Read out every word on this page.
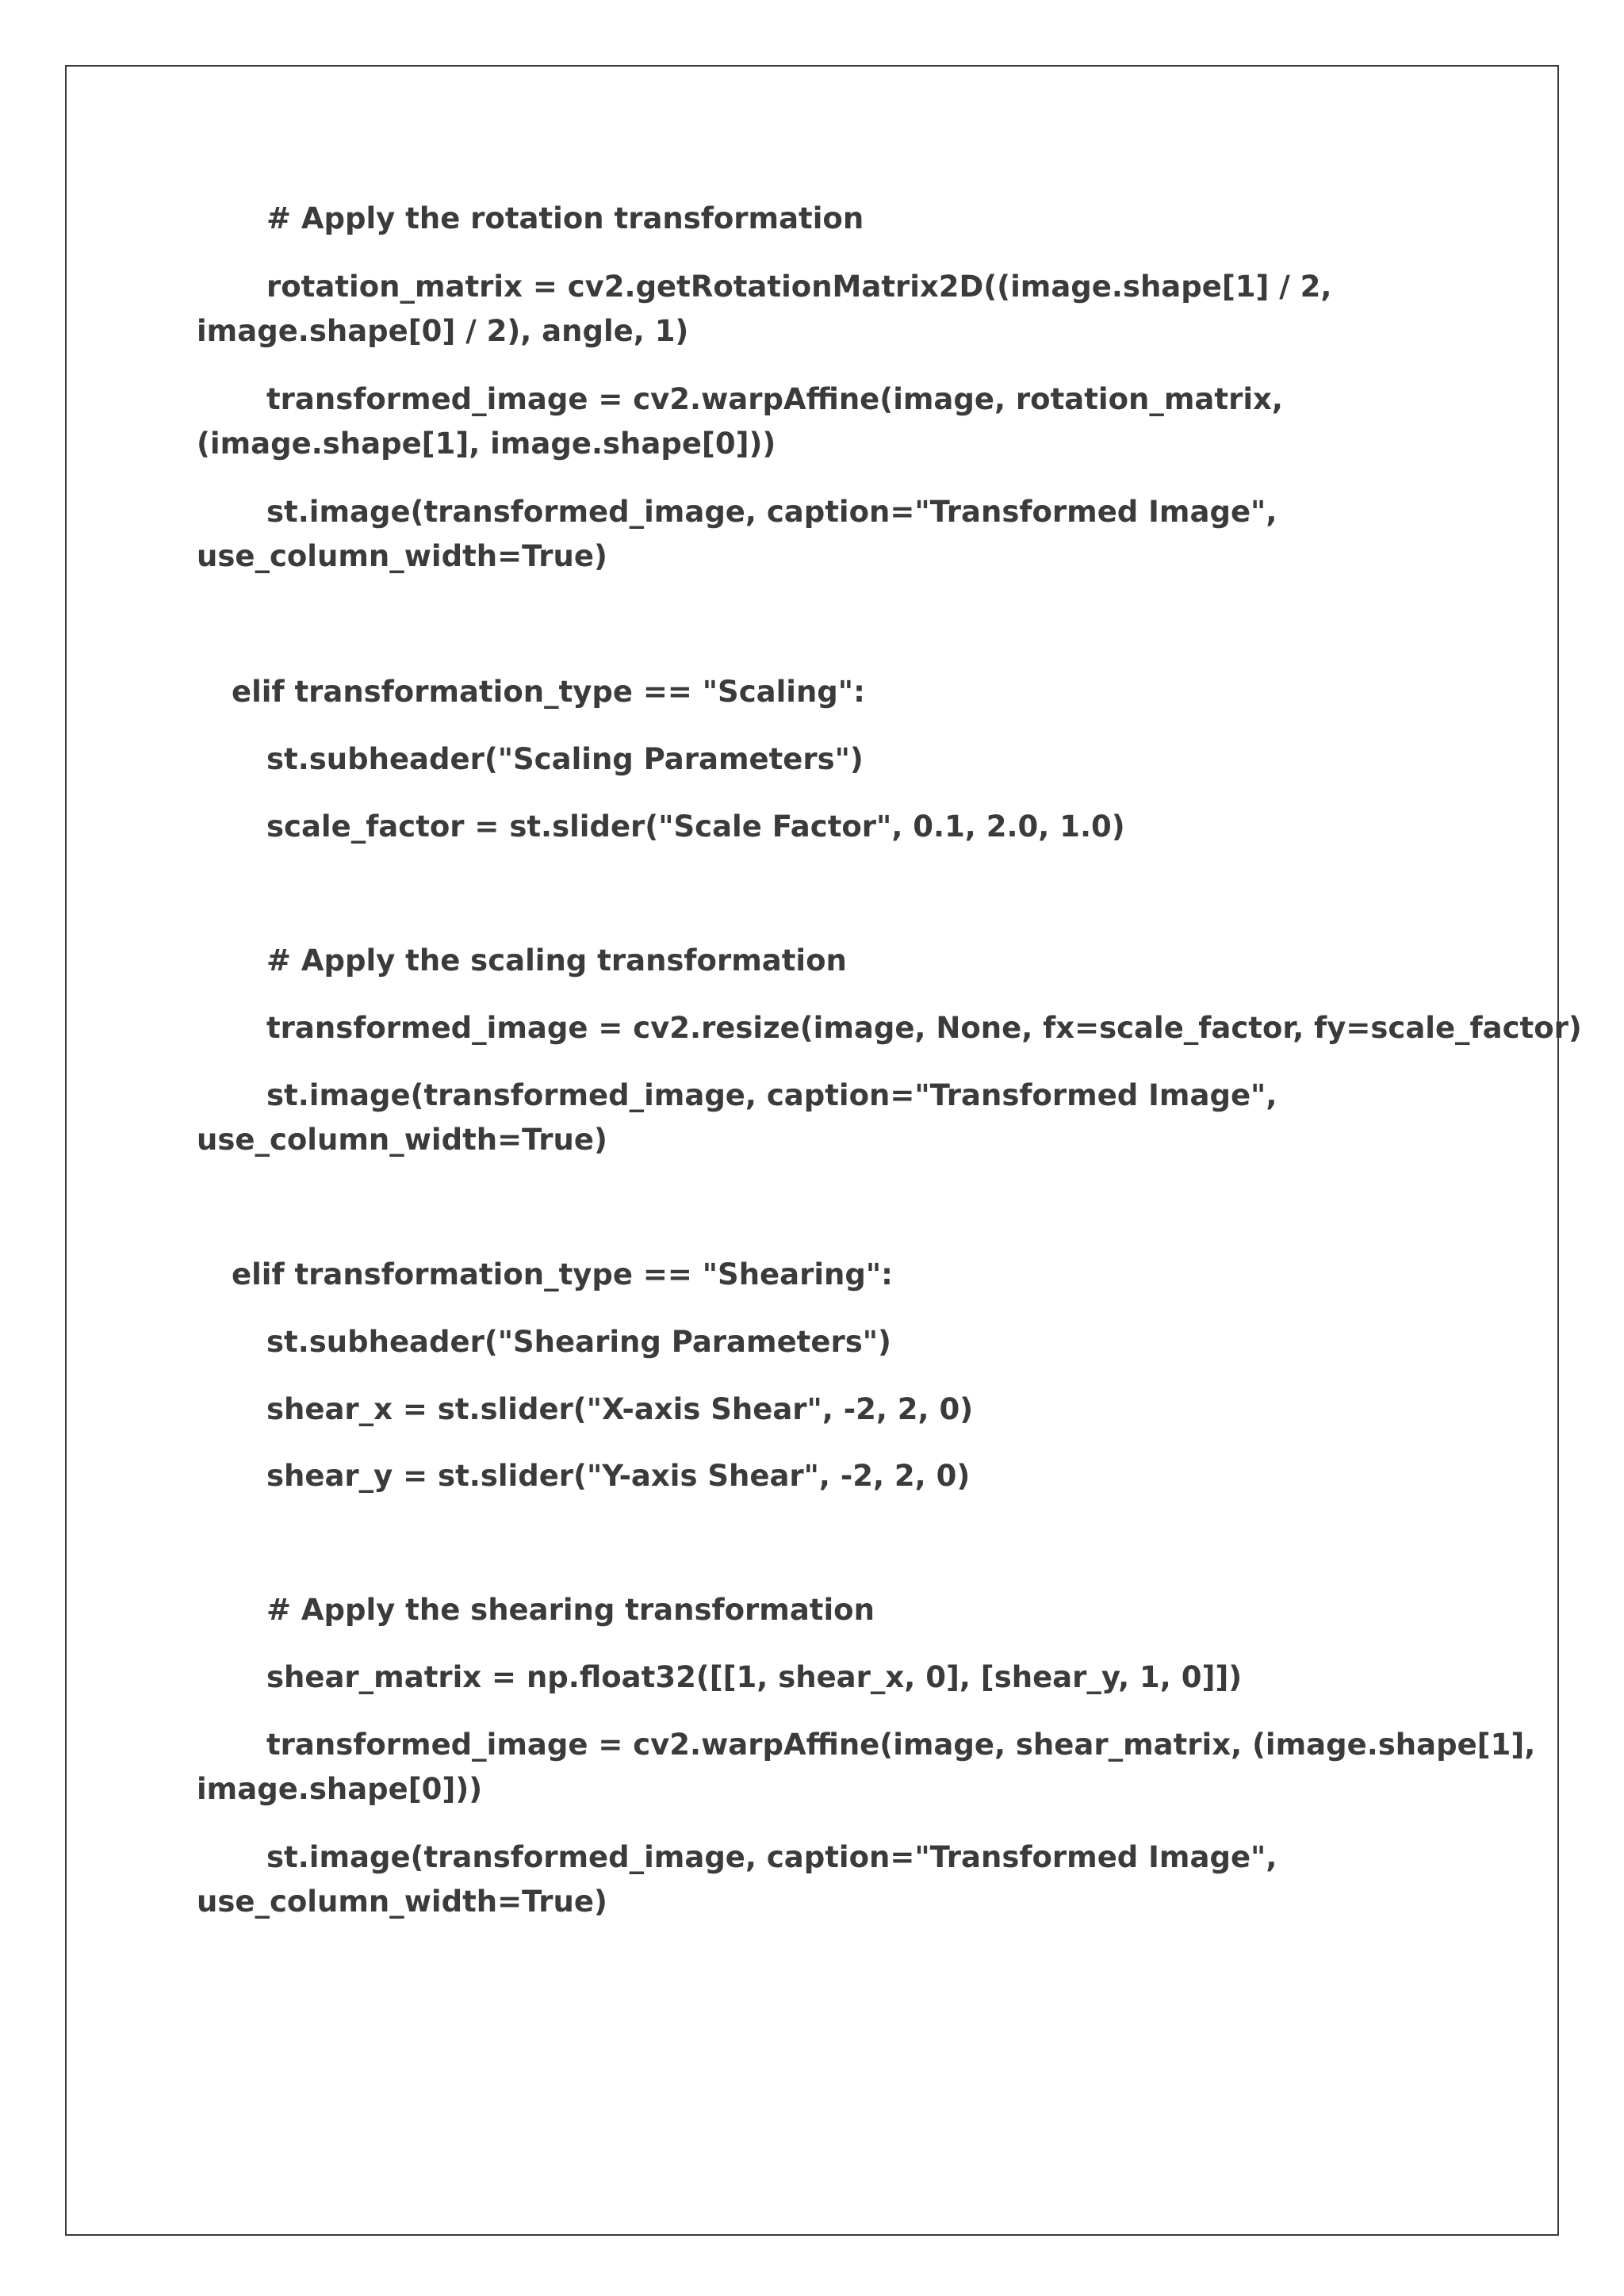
# Apply the rotation transformation

rotation_matrix = cv2.getRotationMatrix2D((image.shape[1] / 2,
image.shape[0] / 2), angle, 1)

transformed_image = cv2.warpAffine(image, rotation_matrix,
(image.shape[1], image.shape[0]))

st.image(transformed_image, caption="Transformed Image",
use_column_width=True)

elif transformation_type == "Scaling":

st.subheader("Scaling Parameters")

scale_factor = st.slider("Scale Factor", 0.1, 2.0, 1.0)

# Apply the scaling transformation

transformed_image = cv2.resize(image, None, fx=scale_factor, fy=scale_factor)

st.image(transformed_image, caption="Transformed Image",
use_column_width=True)

elif transformation_type == "Shearing":

st.subheader("Shearing Parameters")

shear_x = st.slider("X-axis Shear", -2, 2, 0)

shear_y = st.slider("Y-axis Shear", -2, 2, 0)

# Apply the shearing transformation

shear_matrix = np.float32([[1, shear_x, 0], [shear_y, 1, 0]])

transformed_image = cv2.warpAffine(image, shear_matrix, (image.shape[1],
image.shape[0]))

st.image(transformed_image, caption="Transformed Image",
use_column_width=True)
